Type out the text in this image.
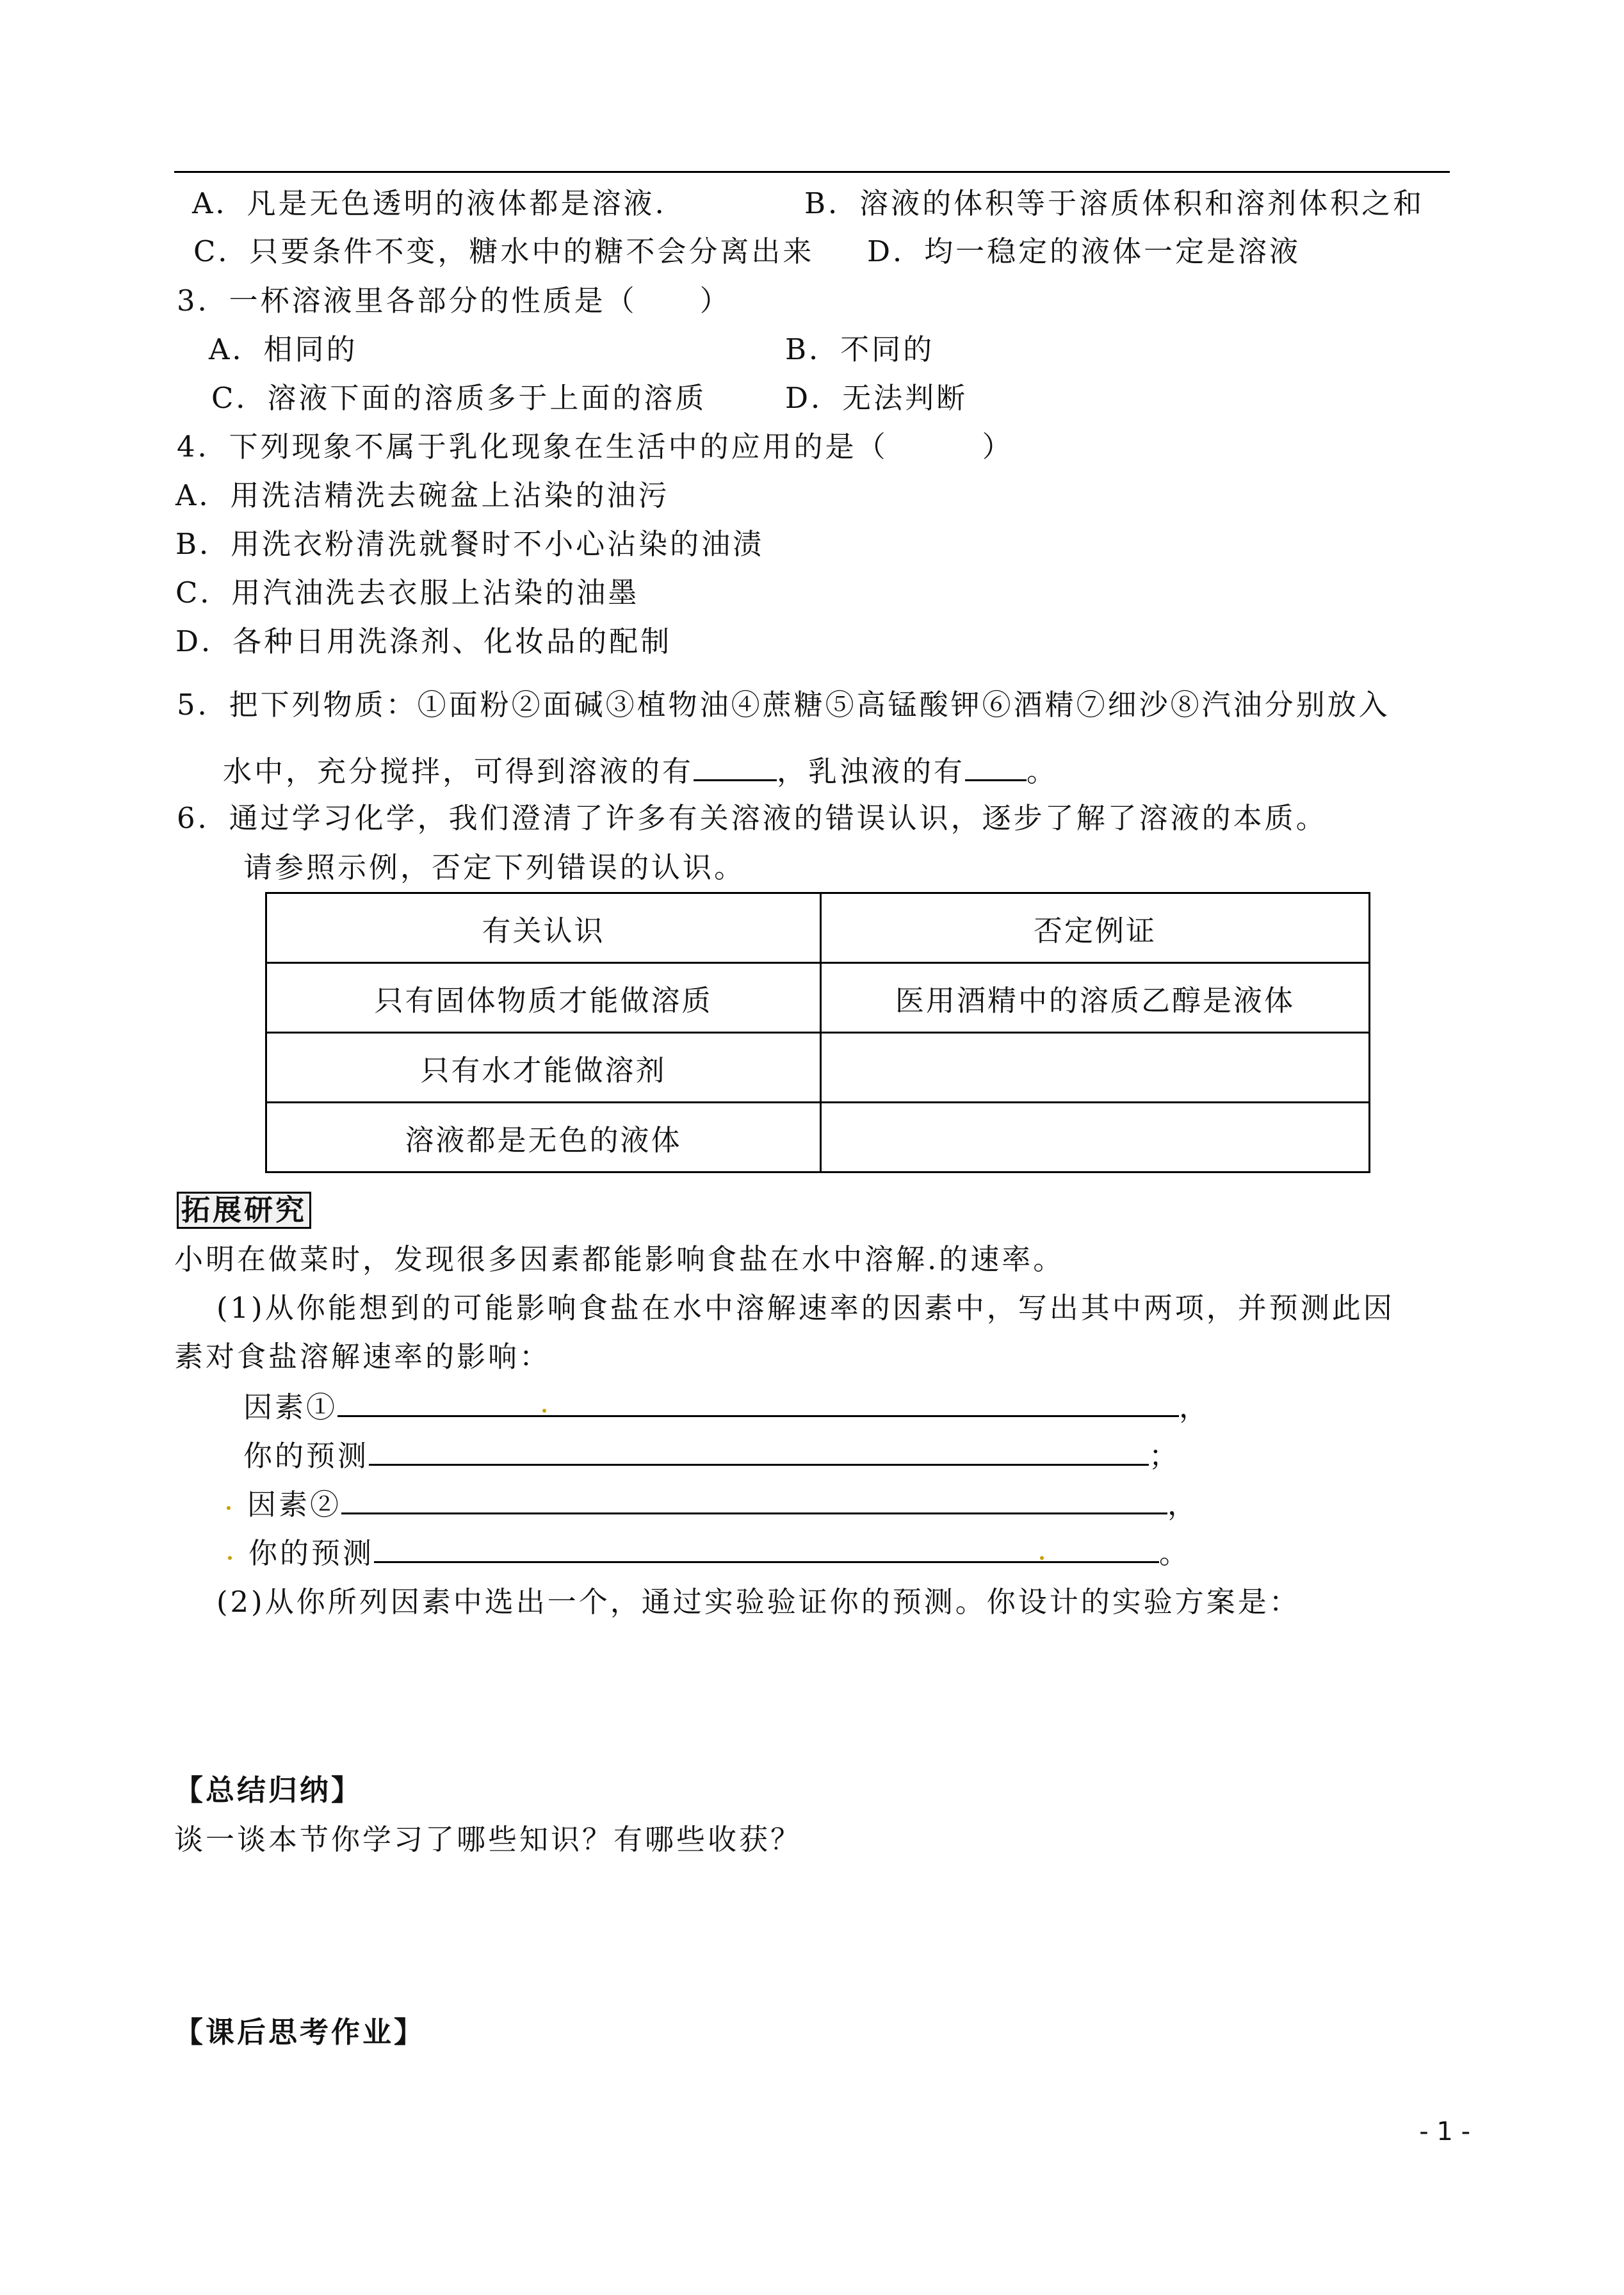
A．凡是无色透明的液体都是溶液.	B．溶液的体积等于溶质体积和溶剂体积之和
C．只要条件不变，糖水中的糖不会分离出来 D．均一稳定的液体一定是溶液
3．一杯溶液里各部分的性质是（　　）
A．相同的	B．不同的
C．溶液下面的溶质多于上面的溶质	D．无法判断
4．下列现象不属于乳化现象在生活中的应用的是（　　　）
A．用洗洁精洗去碗盆上沾染的油污
B．用洗衣粉清洗就餐时不小心沾染的油渍
C．用汽油洗去衣服上沾染的油墨
D．各种日用洗涤剂、化妆品的配制
5．把下列物质：①面粉②面碱③植物油④蔗糖⑤高锰酸钾⑥酒精⑦细沙⑧汽油分别放入
水中，充分搅拌，可得到溶液的有	，乳浊液的有 。
6．通过学习化学，我们澄清了许多有关溶液的错误认识，逐步了解了溶液的本质。
请参照示例，否定下列错误的认识。
有关认识	否定例证
只有固体物质才能做溶质	医用酒精中的溶质乙醇是液体
只有水才能做溶剂	
溶液都是无色的液体	
拓展研究
小明在做菜时，发现很多因素都能影响食盐在水中溶解.的速率。
(1)从你能想到的可能影响食盐在水中溶解速率的因素中，写出其中两项，并预测此因
素对食盐溶解速率的影响：
因素①	，
你的预测	；
因素②	，
你的预测	。
(2)从你所列因素中选出一个，通过实验验证你的预测。你设计的实验方案是：
【总结归纳】
谈一谈本节你学习了哪些知识？有哪些收获？
【课后思考作业】
- 1 -
